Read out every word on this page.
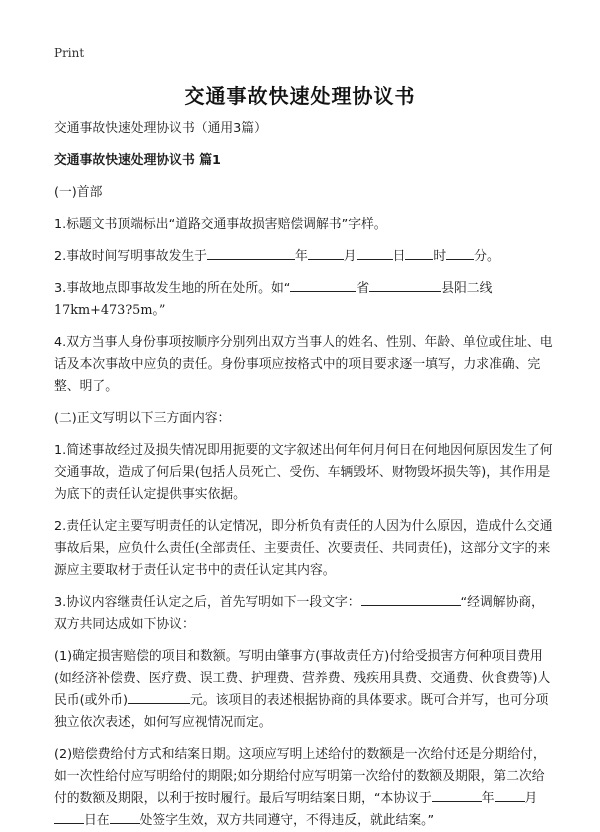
Print
交通事故快速处理协议书

交通事故快速处理协议书（通用3篇）

交通事故快速处理协议书 篇1

(一)首部

1.标题文书顶端标出“道路交通事故损害赔偿调解书”字样。

2.事故时间写明事故发生于	年	月	日 时 分。

3.事故地点即事故发生地的所在处所。如“	省	县阳二线
17km+473?5m。”

4.双方当事人身份事项按顺序分别列出双方当事人的姓名、性别、年龄、单位或住址、电话及本次事故中应负的责任。身份事项应按格式中的项目要求逐一填写，力求准确、完整、明了。

(二)正文写明以下三方面内容：

1.简述事故经过及损失情况即用扼要的文字叙述出何年何月何日在何地因何原因发生了何交通事故，造成了何后果(包括人员死亡、受伤、车辆毁坏、财物毁坏损失等)，其作用是为底下的责任认定提供事实依据。

2.责任认定主要写明责任的认定情况，即分析负有责任的人因为什么原因，造成什么交通事故后果，应负什么责任(全部责任、主要责任、次要责任、共同责任)，这部分文字的来源应主要取材于责任认定书中的责任认定其内容。

3.协议内容继责任认定之后，首先写明如下一段文字：	“经调解协商，双方共同达成如下协议：

(1)确定损害赔偿的项目和数额。写明由肇事方(事故责任方)付给受损害方何种项目费用(如经济补偿费、医疗费、误工费、护理费、营养费、残疾用具费、交通费、伙食费等)人民币(或外币)	元。该项目的表述根据协商的具体要求。既可合并写，也可分项独立依次表述，如何写应视情况而定。

(2)赔偿费给付方式和结案日期。这项应写明上述给付的数额是一次给付还是分期给付，如一次性给付应写明给付的期限;如分期给付应写明第一次给付的数额及期限，第二次给付的数额及期限，以利于按时履行。最后写明结案日期，“本协议于	年 月日在 处签字生效，双方共同遵守，不得违反，就此结案。”
